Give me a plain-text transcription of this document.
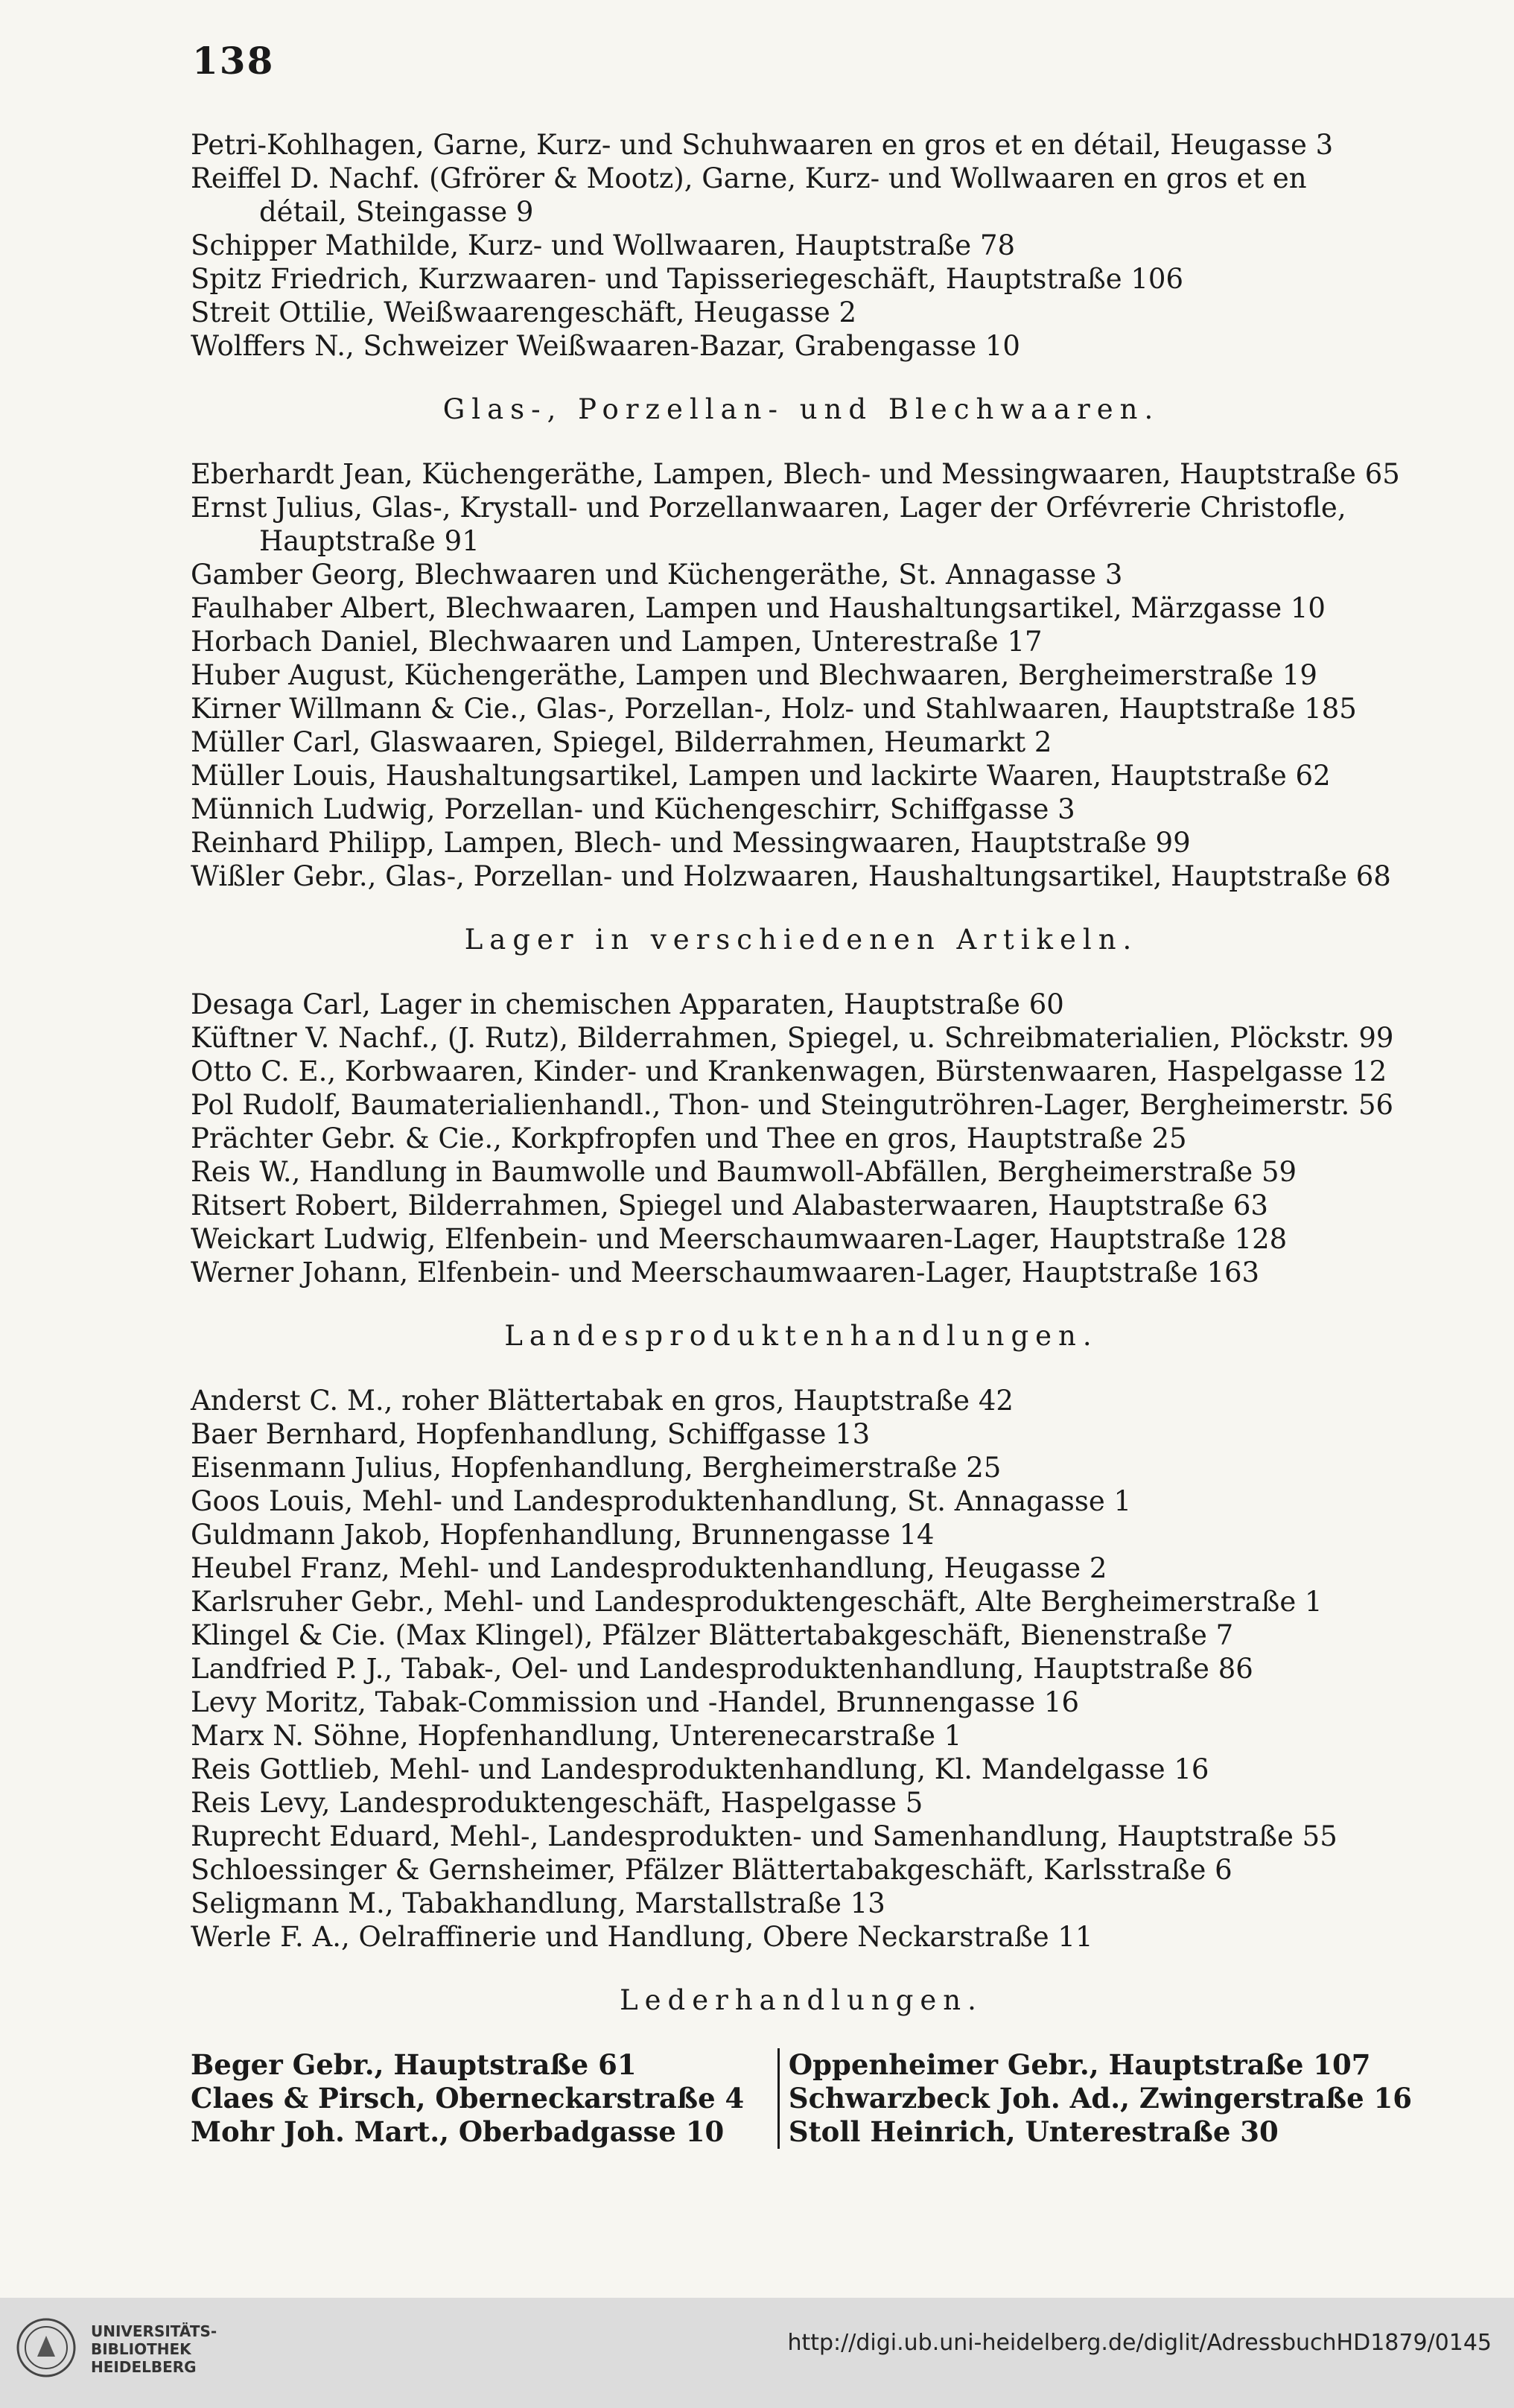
138
Petri-Kohlhagen, Garne, Kurz- und Schuhwaaren en gros et en détail, Heugasse 3
Reiffel D. Nachf. (Gfrörer & Mootz), Garne, Kurz- und Wollwaaren en gros et en
détail, Steingasse 9
Schipper Mathilde, Kurz- und Wollwaaren, Hauptstraße 78
Spitz Friedrich, Kurzwaaren- und Tapisseriegeschäft, Hauptstraße 106
Streit Ottilie, Weißwaarengeschäft, Heugasse 2
Wolffers N., Schweizer Weißwaaren-Bazar, Grabengasse 10
Glas-, Porzellan- und Blechwaaren.
Eberhardt Jean, Küchengeräthe, Lampen, Blech- und Messingwaaren, Hauptstraße 65
Ernst Julius, Glas-, Krystall- und Porzellanwaaren, Lager der Orfévrerie Christofle,
Hauptstraße 91
Gamber Georg, Blechwaaren und Küchengeräthe, St. Annagasse 3
Faulhaber Albert, Blechwaaren, Lampen und Haushaltungsartikel, Märzgasse 10
Horbach Daniel, Blechwaaren und Lampen, Unterestraße 17
Huber August, Küchengeräthe, Lampen und Blechwaaren, Bergheimerstraße 19
Kirner Willmann & Cie., Glas-, Porzellan-, Holz- und Stahlwaaren, Hauptstraße 185
Müller Carl, Glaswaaren, Spiegel, Bilderrahmen, Heumarkt 2
Müller Louis, Haushaltungsartikel, Lampen und lackirte Waaren, Hauptstraße 62
Münnich Ludwig, Porzellan- und Küchengeschirr, Schiffgasse 3
Reinhard Philipp, Lampen, Blech- und Messingwaaren, Hauptstraße 99
Wißler Gebr., Glas-, Porzellan- und Holzwaaren, Haushaltungsartikel, Hauptstraße 68
Lager in verschiedenen Artikeln.
Desaga Carl, Lager in chemischen Apparaten, Hauptstraße 60
Küftner V. Nachf., (J. Rutz), Bilderrahmen, Spiegel, u. Schreibmaterialien, Plöckstr. 99
Otto C. E., Korbwaaren, Kinder- und Krankenwagen, Bürstenwaaren, Haspelgasse 12
Pol Rudolf, Baumaterialienhandl., Thon- und Steingutröhren-Lager, Bergheimerstr. 56
Prächter Gebr. & Cie., Korkpfropfen und Thee en gros, Hauptstraße 25
Reis W., Handlung in Baumwolle und Baumwoll-Abfällen, Bergheimerstraße 59
Ritsert Robert, Bilderrahmen, Spiegel und Alabasterwaaren, Hauptstraße 63
Weickart Ludwig, Elfenbein- und Meerschaumwaaren-Lager, Hauptstraße 128
Werner Johann, Elfenbein- und Meerschaumwaaren-Lager, Hauptstraße 163
Landesproduktenhandlungen.
Anderst C. M., roher Blättertabak en gros, Hauptstraße 42
Baer Bernhard, Hopfenhandlung, Schiffgasse 13
Eisenmann Julius, Hopfenhandlung, Bergheimerstraße 25
Goos Louis, Mehl- und Landesproduktenhandlung, St. Annagasse 1
Guldmann Jakob, Hopfenhandlung, Brunnengasse 14
Heubel Franz, Mehl- und Landesproduktenhandlung, Heugasse 2
Karlsruher Gebr., Mehl- und Landesproduktengeschäft, Alte Bergheimerstraße 1
Klingel & Cie. (Max Klingel), Pfälzer Blättertabakgeschäft, Bienenstraße 7
Landfried P. J., Tabak-, Oel- und Landesproduktenhandlung, Hauptstraße 86
Levy Moritz, Tabak-Commission und -Handel, Brunnengasse 16
Marx N. Söhne, Hopfenhandlung, Unterenecarstraße 1
Reis Gottlieb, Mehl- und Landesproduktenhandlung, Kl. Mandelgasse 16
Reis Levy, Landesproduktengeschäft, Haspelgasse 5
Ruprecht Eduard, Mehl-, Landesprodukten- und Samenhandlung, Hauptstraße 55
Schloessinger & Gernsheimer, Pfälzer Blättertabakgeschäft, Karlsstraße 6
Seligmann M., Tabakhandlung, Marstallstraße 13
Werle F. A., Oelraffinerie und Handlung, Obere Neckarstraße 11
Lederhandlungen.
Beger Gebr., Hauptstraße 61
Claes & Pirsch, Oberneckarstraße 4
Mohr Joh. Mart., Oberbadgasse 10
Oppenheimer Gebr., Hauptstraße 107
Schwarzbeck Joh. Ad., Zwingerstraße 16
Stoll Heinrich, Unterestraße 30
UNIVERSITÄTS-
BIBLIOTHEK
HEIDELBERG
http://digi.ub.uni-heidelberg.de/diglit/AdressbuchHD1879/0145
